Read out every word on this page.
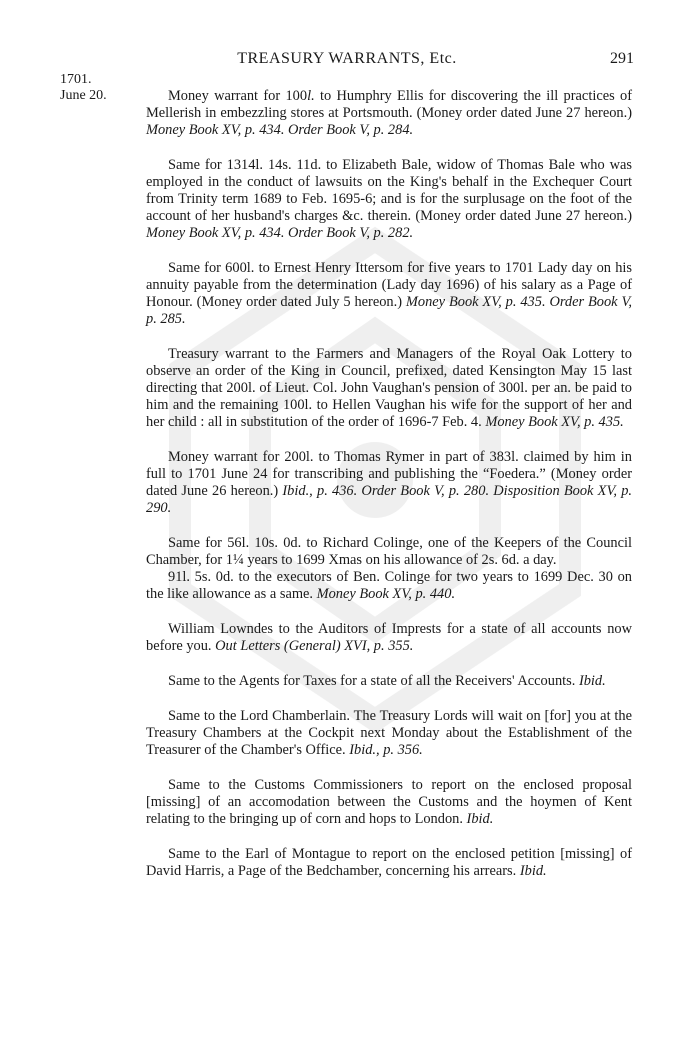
TREASURY WARRANTS, Etc.	291
1701.
June 20.	Money warrant for 100l. to Humphry Ellis for discovering the ill practices of Mellerish in embezzling stores at Portsmouth. (Money order dated June 27 hereon.) Money Book XV, p. 434. Order Book V, p. 284.

Same for 1314l. 14s. 11d. to Elizabeth Bale, widow of Thomas Bale who was employed in the conduct of lawsuits on the King's behalf in the Exchequer Court from Trinity term 1689 to Feb. 1695-6; and is for the surplusage on the foot of the account of her husband's charges &c. therein. (Money order dated June 27 hereon.) Money Book XV, p. 434. Order Book V, p. 282.

Same for 600l. to Ernest Henry Ittersom for five years to 1701 Lady day on his annuity payable from the determination (Lady day 1696) of his salary as a Page of Honour. (Money order dated July 5 hereon.) Money Book XV, p. 435. Order Book V, p. 285.

Treasury warrant to the Farmers and Managers of the Royal Oak Lottery to observe an order of the King in Council, prefixed, dated Kensington May 15 last directing that 200l. of Lieut. Col. John Vaughan's pension of 300l. per an. be paid to him and the remaining 100l. to Hellen Vaughan his wife for the support of her and her child : all in substitution of the order of 1696-7 Feb. 4. Money Book XV, p. 435.

Money warrant for 200l. to Thomas Rymer in part of 383l. claimed by him in full to 1701 June 24 for transcribing and publishing the “Foedera.” (Money order dated June 26 hereon.) Ibid., p. 436. Order Book V, p. 280. Disposition Book XV, p. 290.

Same for 56l. 10s. 0d. to Richard Colinge, one of the Keepers of the Council Chamber, for 1¼ years to 1699 Xmas on his allowance of 2s. 6d. a day.

91l. 5s. 0d. to the executors of Ben. Colinge for two years to 1699 Dec. 30 on the like allowance as a same. Money Book XV, p. 440.

William Lowndes to the Auditors of Imprests for a state of all accounts now before you. Out Letters (General) XVI, p. 355.

Same to the Agents for Taxes for a state of all the Receivers' Accounts. Ibid.

Same to the Lord Chamberlain. The Treasury Lords will wait on [for] you at the Treasury Chambers at the Cockpit next Monday about the Establishment of the Treasurer of the Chamber's Office. Ibid., p. 356.

Same to the Customs Commissioners to report on the enclosed proposal [missing] of an accomodation between the Customs and the hoymen of Kent relating to the bringing up of corn and hops to London. Ibid.

Same to the Earl of Montague to report on the enclosed petition [missing] of David Harris, a Page of the Bedchamber, concerning his arrears. Ibid.
